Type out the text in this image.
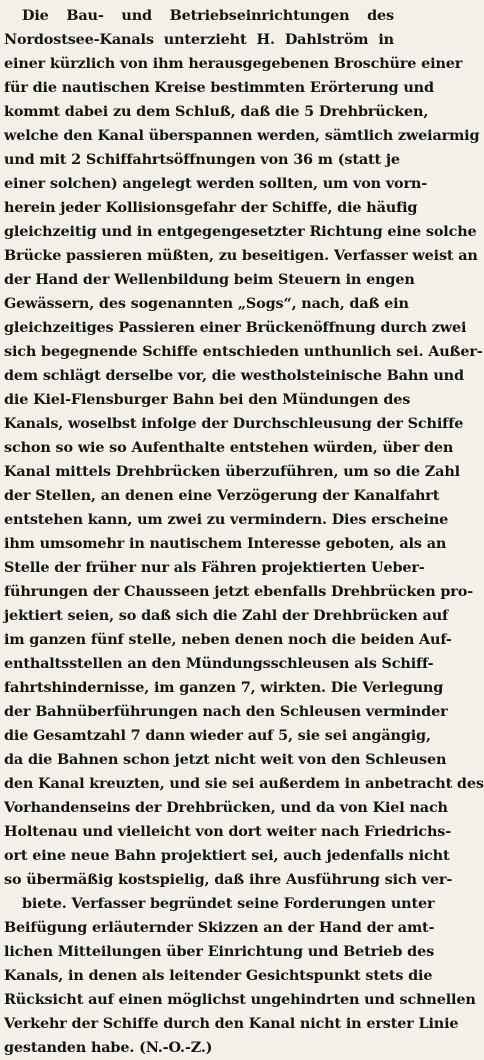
Die Bau- und Betriebseinrichtungen des
Nordostsee-Kanals unterzieht H. Dahlström in
einer kürzlich von ihm herausgegebenen Broschüre einer
für die nautischen Kreise bestimmten Erörterung und
kommt dabei zu dem Schluß, daß die 5 Drehbrücken,
welche den Kanal überspannen werden, sämtlich zweiarmig
und mit 2 Schiffahrtsöffnungen von 36 m (statt je
einer solchen) angelegt werden sollten, um von vorn-
herein jeder Kollisionsgefahr der Schiffe, die häufig
gleichzeitig und in entgegengesetzter Richtung eine solche
Brücke passieren müßten, zu beseitigen. Verfasser weist an
der Hand der Wellenbildung beim Steuern in engen
Gewässern, des sogenannten „Sogs“, nach, daß ein
gleichzeitiges Passieren einer Brückenöffnung durch zwei
sich begegnende Schiffe entschieden unthunlich sei. Außer-
dem schlägt derselbe vor, die westholsteinische Bahn und
die Kiel-Flensburger Bahn bei den Mündungen des
Kanals, woselbst infolge der Durchschleusung der Schiffe
schon so wie so Aufenthalte entstehen würden, über den
Kanal mittels Drehbrücken überzuführen, um so die Zahl
der Stellen, an denen eine Verzögerung der Kanalfahrt
entstehen kann, um zwei zu vermindern. Dies erscheine
ihm umsomehr in nautischem Interesse geboten, als an
Stelle der früher nur als Fähren projektierten Ueber-
führungen der Chausseen jetzt ebenfalls Drehbrücken pro-
jektiert seien, so daß sich die Zahl der Drehbrücken auf
im ganzen fünf stelle, neben denen noch die beiden Auf-
enthaltsstellen an den Mündungsschleusen als Schiff-
fahrtshindernisse, im ganzen 7, wirkten. Die Verlegung
der Bahnüberführungen nach den Schleusen verminder
die Gesamtzahl 7 dann wieder auf 5, sie sei angängig,
da die Bahnen schon jetzt nicht weit von den Schleusen
den Kanal kreuzten, und sie sei außerdem in anbetracht des
Vorhandenseins der Drehbrücken, und da von Kiel nach
Holtenau und vielleicht von dort weiter nach Friedrichs-
ort eine neue Bahn projektiert sei, auch jedenfalls nicht
so übermäßig kostspielig, daß ihre Ausführung sich ver-
biete. Verfasser begründet seine Forderungen unter
Beifügung erläuternder Skizzen an der Hand der amt-
lichen Mitteilungen über Einrichtung und Betrieb des
Kanals, in denen als leitender Gesichtspunkt stets die
Rücksicht auf einen möglichst ungehindrten und schnellen
Verkehr der Schiffe durch den Kanal nicht in erster Linie
gestanden habe. (N.-O.-Z.)
